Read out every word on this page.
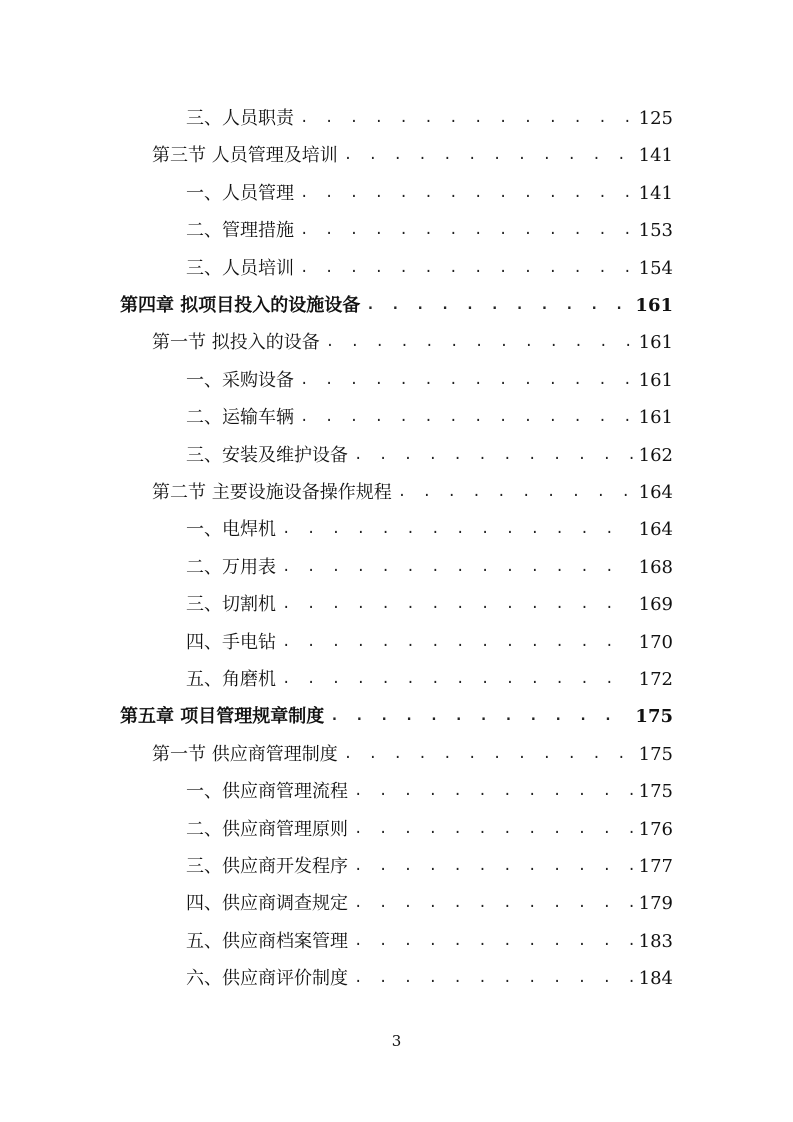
三、人员职责 . . .	125
第三节 人员管理及培训 . . .	141
一、人员管理 . . .	141
二、管理措施 . . .	153
三、人员培训 . . .	154
第四章 拟项目投入的设施设备 . . .	161
第一节 拟投入的设备 . . .	161
一、采购设备 . . .	161
二、运输车辆 . . .	161
三、安装及维护设备 . . .	162
第二节 主要设施设备操作规程 . . .	164
一、电焊机 . . .	164
二、万用表 . . .	168
三、切割机 . . .	169
四、手电钻 . . .	170
五、角磨机 . . .	172
第五章 项目管理规章制度 . . .	175
第一节 供应商管理制度 . . .	175
一、供应商管理流程 . . .	175
二、供应商管理原则 . . .	176
三、供应商开发程序 . . .	177
四、供应商调查规定 . . .	179
五、供应商档案管理 . . .	183
六、供应商评价制度 . . .	184
3
